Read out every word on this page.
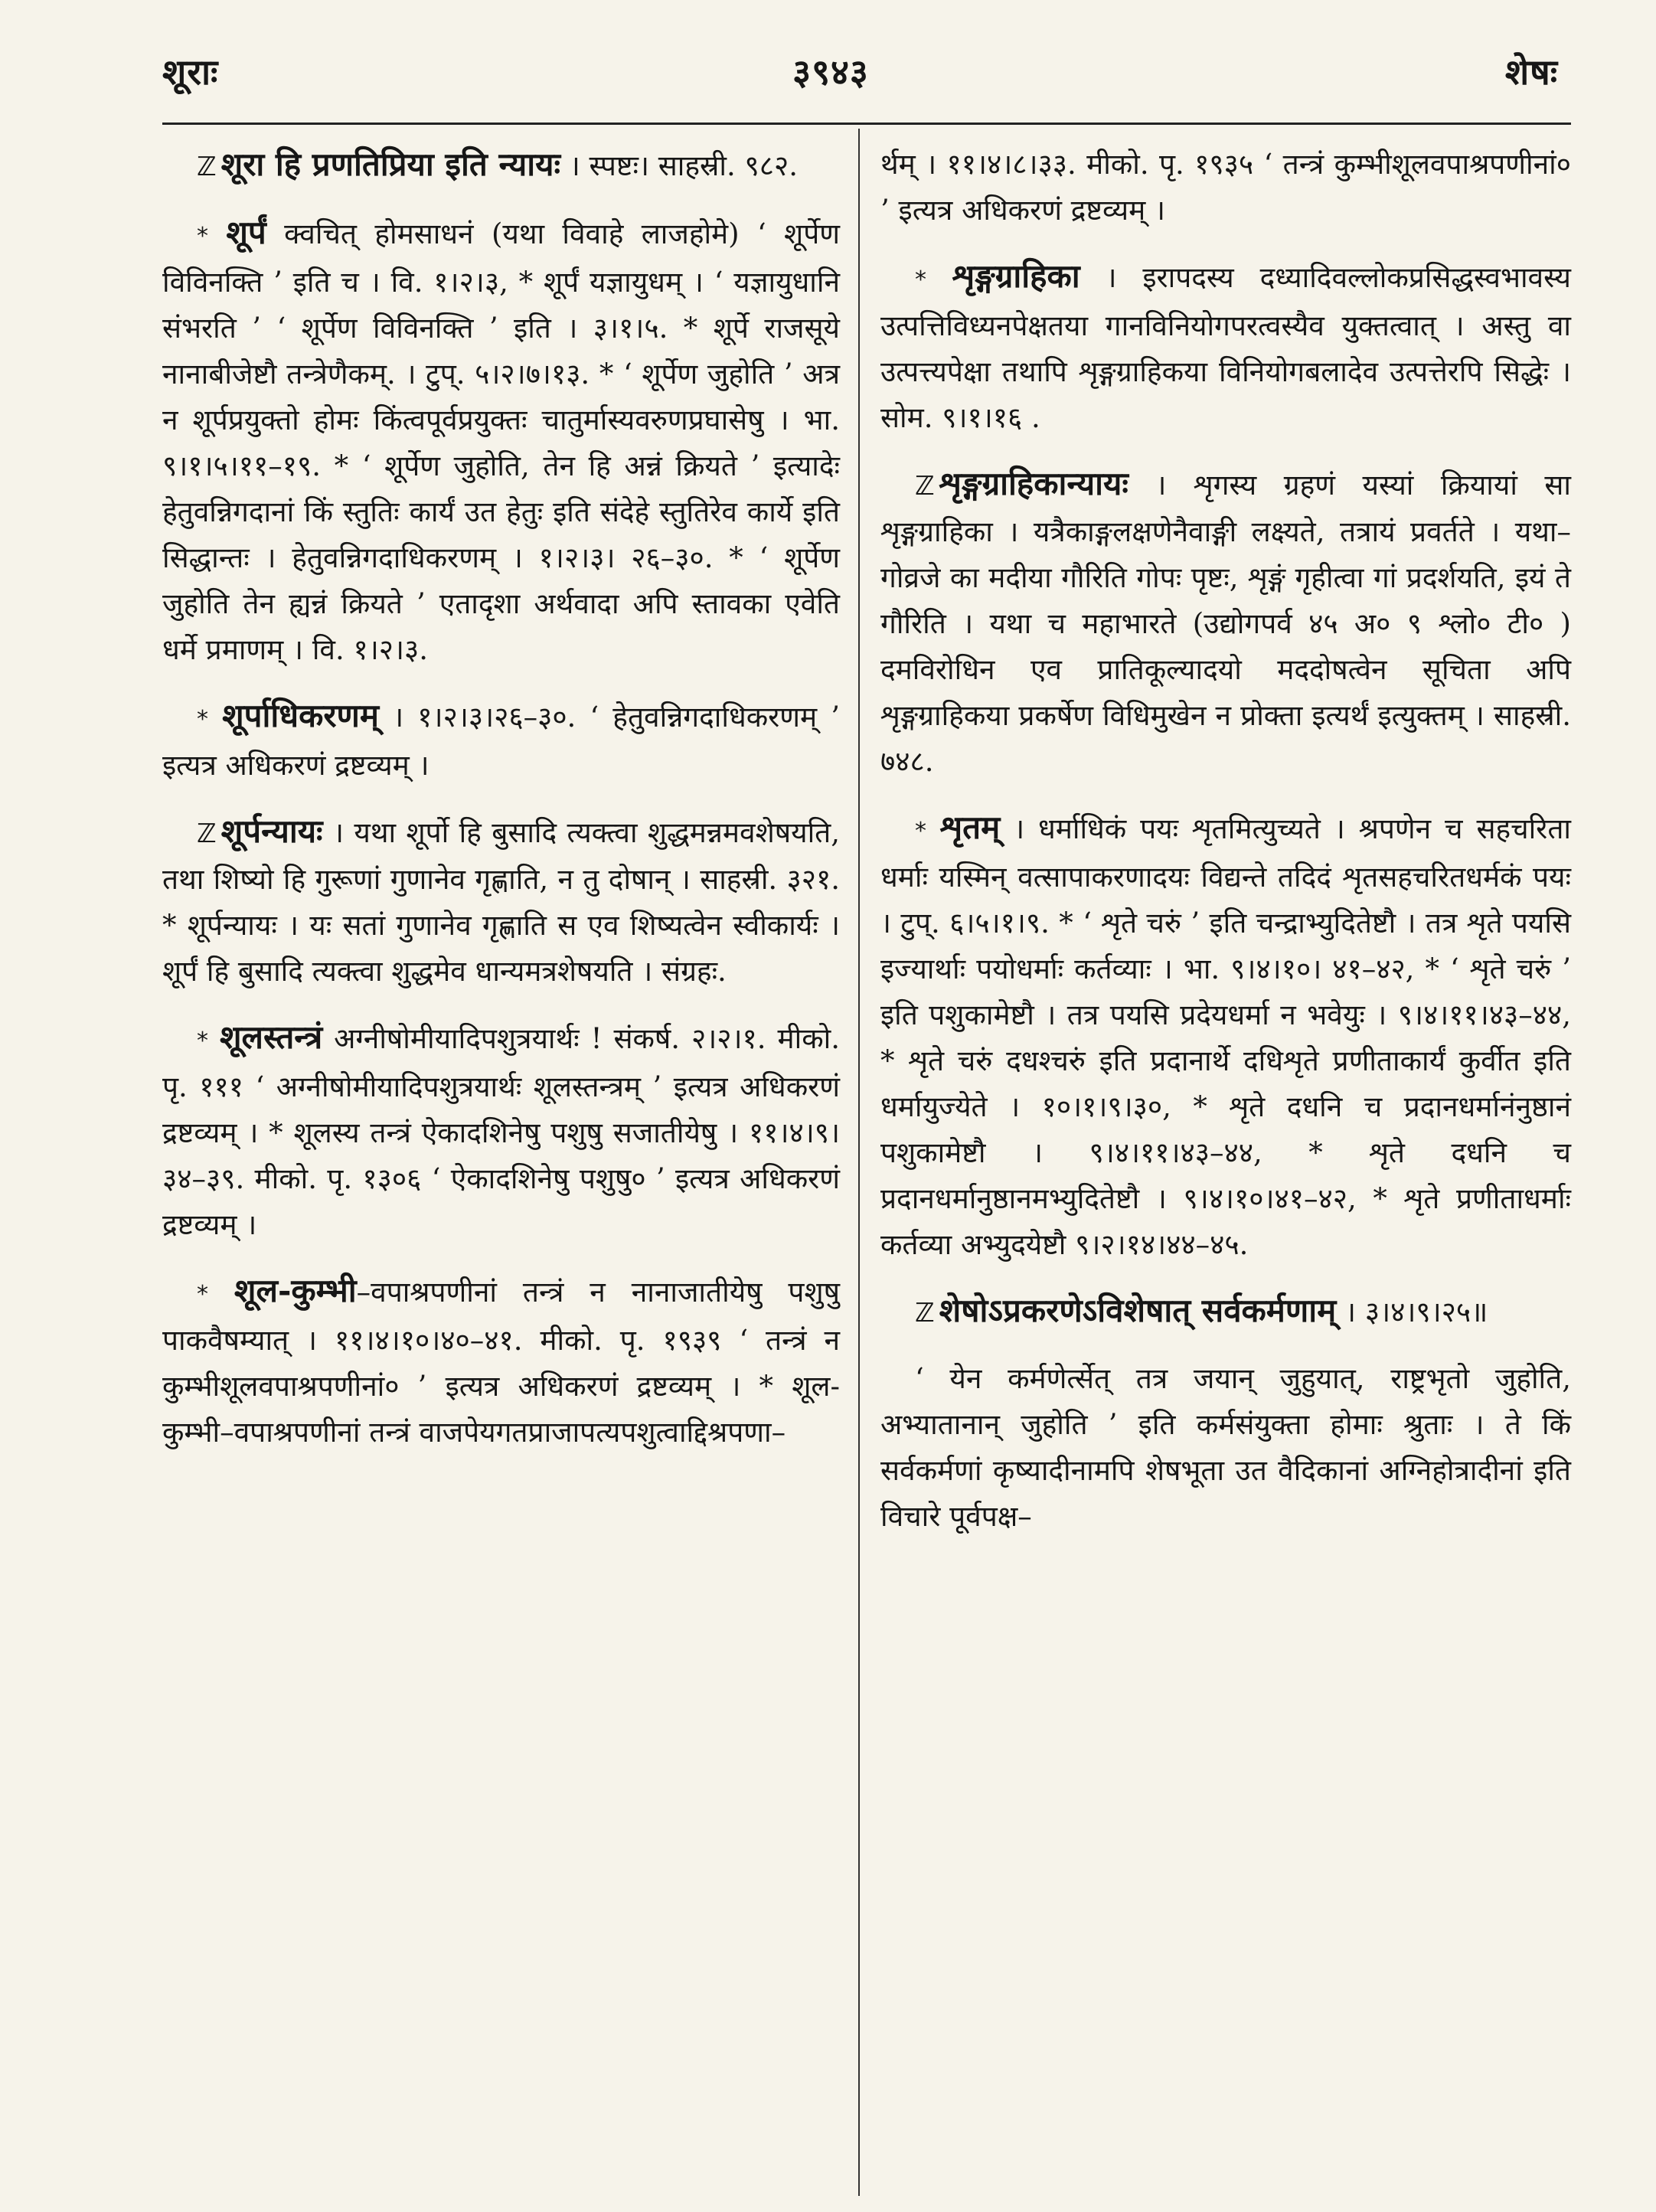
शूराः	३९४३	शेषः

ℤ शूरा हि प्रणतिप्रिया इति न्यायः । स्पष्टः। साहस्री. ९८२.

* शूर्पं क्वचित् होमसाधनं (यथा विवाहे लाजहोमे) ‘ शूर्पेण विविनक्ति ’ इति च । वि. १।२।३, * शूर्पं यज्ञायुधम् । ‘ यज्ञायुधानि संभरति ’ ‘ शूर्पेण विविनक्ति ’ इति । ३।१।५. * शूर्पे राजसूये नानाबीजेष्टौ तन्त्रेणैकम्. । टुप्. ५।२।७।१३. * ‘ शूर्पेण जुहोति ’ अत्र न शूर्पप्रयुक्तो होमः किंत्वपूर्वप्रयुक्तः चातुर्मास्यवरुणप्रघासेषु । भा. ९।१।५।११–१९. * ‘ शूर्पेण जुहोति, तेन हि अन्नं क्रियते ’ इत्यादेः हेतुवन्निगदानां किं स्तुतिः कार्यं उत हेतुः इति संदेहे स्तुतिरेव कार्ये इति सिद्धान्तः । हेतुवन्निगदाधिकरणम् । १।२।३। २६–३०. * ‘ शूर्पेण जुहोति तेन ह्यन्नं क्रियते ’ एतादृशा अर्थवादा अपि स्तावका एवेति धर्मे प्रमाणम् । वि. १।२।३.

* शूर्पाधिकरणम् । १।२।३।२६–३०. ‘ हेतुवन्निगदाधिकरणम् ’ इत्यत्र अधिकरणं द्रष्टव्यम् ।

ℤ शूर्पन्यायः । यथा शूर्पो हि बुसादि त्यक्त्वा शुद्धमन्नमवशेषयति, तथा शिष्यो हि गुरूणां गुणानेव गृह्णाति, न तु दोषान् । साहस्री. ३२१. * शूर्पन्यायः । यः सतां गुणानेव गृह्णाति स एव शिष्यत्वेन स्वीकार्यः । शूर्पं हि बुसादि त्यक्त्वा शुद्धमेव धान्यमत्रशेषयति । संग्रहः.

* शूलस्तन्त्रं अग्नीषोमीयादिपशुत्रयार्थः ! संकर्ष. २।२।१. मीको. पृ. १११ ‘ अग्नीषोमीयादिपशुत्रयार्थः शूलस्तन्त्रम् ’ इत्यत्र अधिकरणं द्रष्टव्यम् । * शूलस्य तन्त्रं ऐकादशिनेषु पशुषु सजातीयेषु । ११।४।९। ३४–३९. मीको. पृ. १३०६ ‘ ऐकादशिनेषु पशुषु० ’ इत्यत्र अधिकरणं द्रष्टव्यम् ।

* शूल-कुम्भी–वपाश्रपणीनां तन्त्रं न नानाजातीयेषु पशुषु पाकवैषम्यात् । ११।४।१०।४०–४१. मीको. पृ. १९३९ ‘ तन्त्रं न कुम्भीशूलवपाश्रपणीनां० ’ इत्यत्र अधिकरणं द्रष्टव्यम् । * शूल-कुम्भी–वपाश्रपणीनां तन्त्रं वाजपेयगतप्राजापत्यपशुत्वाद्दिश्रपणा–

र्थम् । ११।४।८।३३. मीको. पृ. १९३५ ‘ तन्त्रं कुम्भीशूलवपाश्रपणीनां० ’ इत्यत्र अधिकरणं द्रष्टव्यम् ।

* शृङ्गग्राहिका । इरापदस्य दध्यादिवल्लोकप्रसिद्धस्वभावस्य उत्पत्तिविध्यनपेक्षतया गानविनियोगपरत्वस्यैव युक्तत्वात् । अस्तु वा उत्पत्त्यपेक्षा तथापि शृङ्गग्राहिकया विनियोगबलादेव उत्पत्तेरपि सिद्धेः । सोम. ९।१।१६ .

ℤ शृङ्गग्राहिकान्यायः । शृगस्य ग्रहणं यस्यां क्रियायां सा शृङ्गग्राहिका । यत्रैकाङ्गलक्षणेनैवाङ्गी लक्ष्यते, तत्रायं प्रवर्तते । यथा– गोव्रजे का मदीया गौरिति गोपः पृष्टः, शृङ्गं गृहीत्वा गां प्रदर्शयति, इयं ते गौरिति । यथा च महाभारते (उद्योगपर्व ४५ अ० ९ श्लो० टी० ) दमविरोधिन एव प्रातिकूल्यादयो मददोषत्वेन सूचिता अपि शृङ्गग्राहिकया प्रकर्षेण विधिमुखेन न प्रोक्ता इत्यर्थं इत्युक्तम् । साहस्री. ७४८.

* शृतम् । धर्माधिकं पयः शृतमित्युच्यते । श्रपणेन च सहचरिता धर्माः यस्मिन् वत्सापाकरणादयः विद्यन्ते तदिदं शृतसहचरितधर्मकं पयः । टुप्. ६।५।१।९. * ‘ शृते चरुं ’ इति चन्द्राभ्युदितेष्टौ । तत्र शृते पयसि इज्यार्थाः पयोधर्माः कर्तव्याः । भा. ९।४।१०। ४१–४२, * ‘ शृते चरुं ’ इति पशुकामेष्टौ । तत्र पयसि प्रदेयधर्मा न भवेयुः । ९।४।११।४३–४४, * शृते चरुं दधश्चरुं इति प्रदानार्थे दधिशृते प्रणीताकार्यं कुर्वीत इति धर्मायुज्येते । १०।१।९।३०, * शृते दधनि च प्रदानधर्मानंनुष्ठानं पशुकामेष्टौ । ९।४।११।४३–४४, * शृते दधनि च प्रदानधर्मानुष्ठानमभ्युदितेष्टौ । ९।४।१०।४१–४२, * शृते प्रणीताधर्माः कर्तव्या अभ्युदयेष्टौ ९।२।१४।४४–४५.

ℤ शेषोऽप्रकरणेऽविशेषात् सर्वकर्मणाम् । ३।४।९।२५॥

‘ येन कर्मणेर्त्सेत् तत्र जयान् जुहुयात्, राष्ट्रभृतो जुहोति, अभ्यातानान् जुहोति ’ इति कर्मसंयुक्ता होमाः श्रुताः । ते किं सर्वकर्मणां कृष्यादीनामपि शेषभूता उत वैदिकानां अग्निहोत्रादीनां इति विचारे पूर्वपक्ष–
